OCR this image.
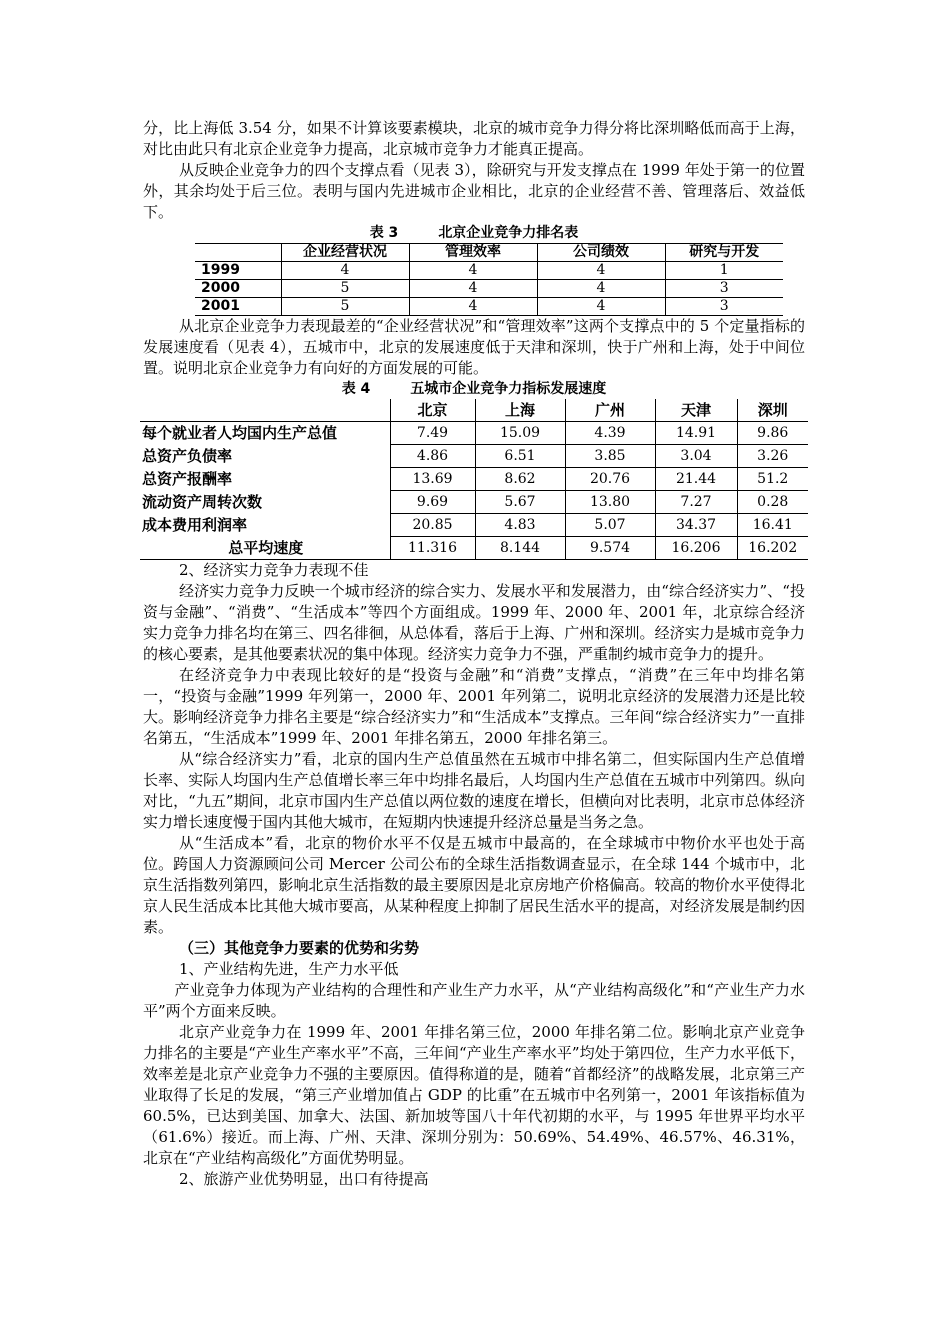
分，比上海低 3.54 分，如果不计算该要素模块，北京的城市竞争力得分将比深圳略低而高于上海，对比由此只有北京企业竞争力提高，北京城市竞争力才能真正提高。

从反映企业竞争力的四个支撑点看（见表 3），除研究与开发支撑点在 1999 年处于第一的位置外，其余均处于后三位。表明与国内先进城市企业相比，北京的企业经营不善、管理落后、效益低下。

表 3	北京企业竞争力排名表
	企业经营状况	管理效率	公司绩效	研究与开发
1999	4	4	4	1
2000	5	4	4	3
2001	5	4	4	3

从北京企业竞争力表现最差的“企业经营状况”和“管理效率”这两个支撑点中的 5 个定量指标的发展速度看（见表 4），五城市中，北京的发展速度低于天津和深圳，快于广州和上海，处于中间位置。说明北京企业竞争力有向好的方面发展的可能。

表 4	五城市企业竞争力指标发展速度
	北京	上海	广州	天津	深圳
每个就业者人均国内生产总值	7.49	15.09	4.39	14.91	9.86
总资产负债率	4.86	6.51	3.85	3.04	3.26
总资产报酬率	13.69	8.62	20.76	21.44	51.2
流动资产周转次数	9.69	5.67	13.80	7.27	0.28
成本费用利润率	20.85	4.83	5.07	34.37	16.41
总平均速度	11.316	8.144	9.574	16.206	16.202

2、经济实力竞争力表现不佳

经济实力竞争力反映一个城市经济的综合实力、发展水平和发展潜力，由“综合经济实力”、“投资与金融”、“消费”、“生活成本”等四个方面组成。1999 年、2000 年、2001 年，北京综合经济实力竞争力排名均在第三、四名徘徊，从总体看，落后于上海、广州和深圳。经济实力是城市竞争力的核心要素，是其他要素状况的集中体现。经济实力竞争力不强，严重制约城市竞争力的提升。

在经济竞争力中表现比较好的是“投资与金融”和“消费”支撑点，“消费”在三年中均排名第一，“投资与金融”1999 年列第一，2000 年、2001 年列第二，说明北京经济的发展潜力还是比较大。影响经济竞争力排名主要是“综合经济实力”和“生活成本”支撑点。三年间“综合经济实力”一直排名第五，“生活成本”1999 年、2001 年排名第五，2000 年排名第三。

从“综合经济实力”看，北京的国内生产总值虽然在五城市中排名第二，但实际国内生产总值增长率、实际人均国内生产总值增长率三年中均排名最后，人均国内生产总值在五城市中列第四。纵向对比，“九五”期间，北京市国内生产总值以两位数的速度在增长，但横向对比表明，北京市总体经济实力增长速度慢于国内其他大城市，在短期内快速提升经济总量是当务之急。

从“生活成本”看，北京的物价水平不仅是五城市中最高的，在全球城市中物价水平也处于高位。跨国人力资源顾问公司 Mercer 公司公布的全球生活指数调查显示，在全球 144 个城市中，北京生活指数列第四，影响北京生活指数的最主要原因是北京房地产价格偏高。较高的物价水平使得北京人民生活成本比其他大城市要高，从某种程度上抑制了居民生活水平的提高，对经济发展是制约因素。

（三）其他竞争力要素的优势和劣势

1、产业结构先进，生产力水平低

产业竞争力体现为产业结构的合理性和产业生产力水平，从“产业结构高级化”和“产业生产力水平”两个方面来反映。

北京产业竞争力在 1999 年、2001 年排名第三位，2000 年排名第二位。影响北京产业竞争力排名的主要是“产业生产率水平”不高，三年间“产业生产率水平”均处于第四位，生产力水平低下，效率差是北京产业竞争力不强的主要原因。值得称道的是，随着“首都经济”的战略发展，北京第三产业取得了长足的发展，“第三产业增加值占 GDP 的比重”在五城市中名列第一，2001 年该指标值为 60.5%，已达到美国、加拿大、法国、新加坡等国八十年代初期的水平，与 1995 年世界平均水平（61.6%）接近。而上海、广州、天津、深圳分别为：50.69%、54.49%、46.57%、46.31%，北京在“产业结构高级化”方面优势明显。

2、旅游产业优势明显，出口有待提高
